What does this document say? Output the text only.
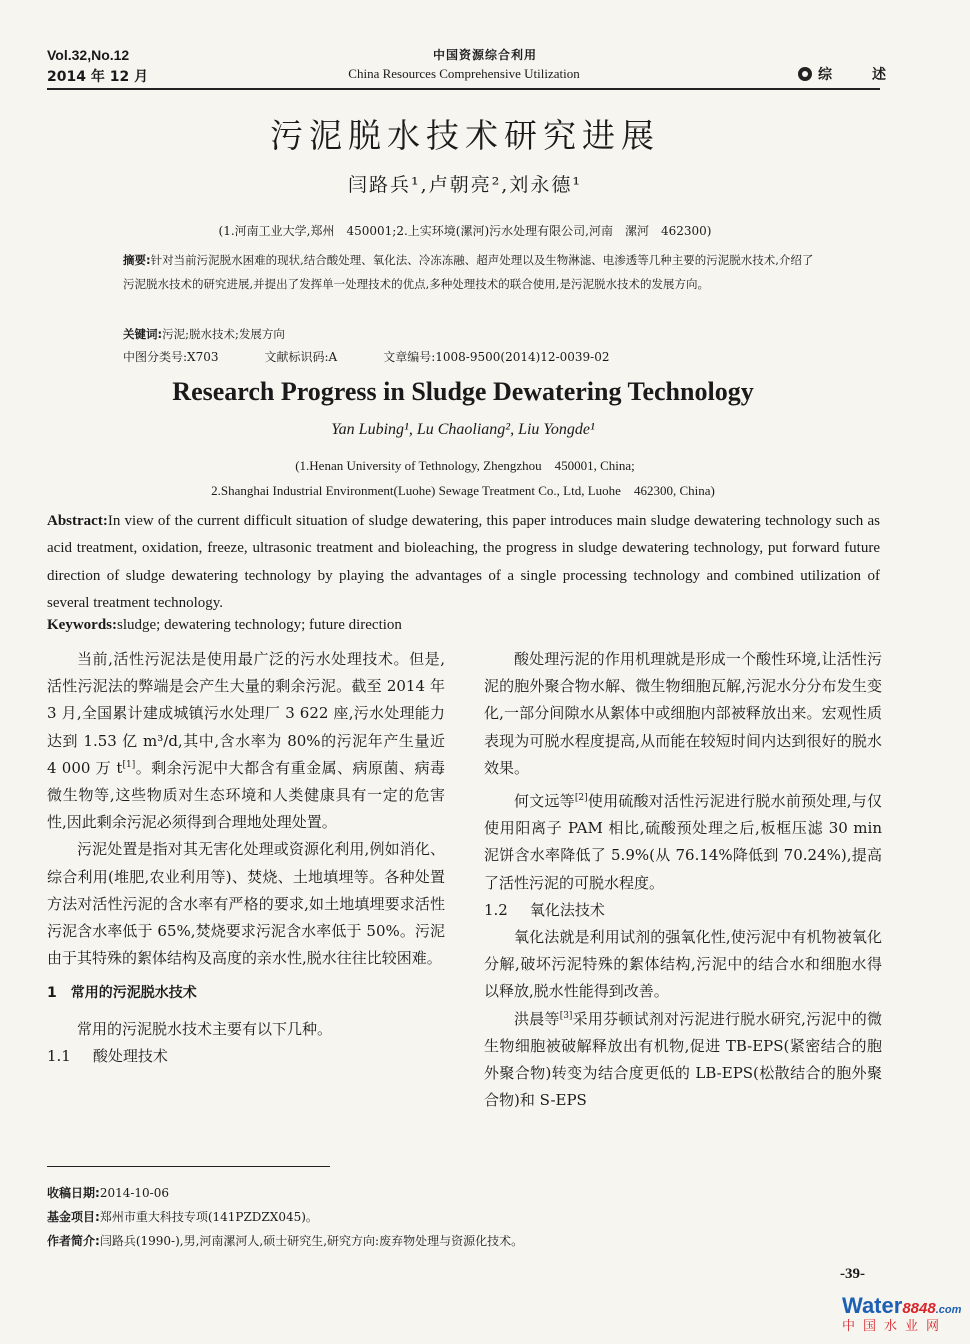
Vol.32,No.12
2014 年 12 月
中国资源综合利用
China Resources Comprehensive Utilization	综	述
污泥脱水技术研究进展
闫路兵¹,卢朝亮²,刘永德¹
(1.河南工业大学,郑州　450001;2.上实环境(漯河)污水处理有限公司,河南　漯河　462300)
摘要:针对当前污泥脱水困难的现状,结合酸处理、氧化法、冷冻冻融、超声处理以及生物淋滤、电渗透等几种主要的污泥脱水技术,介绍了污泥脱水技术的研究进展,并提出了发挥单一处理技术的优点,多种处理技术的联合使用,是污泥脱水技术的发展方向。
关键词:污泥;脱水技术;发展方向
中图分类号:X703	文献标识码:A	文章编号:1008-9500(2014)12-0039-02
Research Progress in Sludge Dewatering Technology
Yan Lubing¹, Lu Chaoliang², Liu Yongde¹
(1.Henan University of Tethnology, Zhengzhou　450001, China;
2.Shanghai Industrial Environment(Luohe) Sewage Treatment Co., Ltd, Luohe　462300, China)
Abstract:In view of the current difficult situation of sludge dewatering, this paper introduces main sludge dewatering technology such as acid treatment, oxidation, freeze, ultrasonic treatment and bioleaching, the progress in sludge dewatering technology, put forward future direction of sludge dewatering technology by playing the advantages of a single processing technology and combined utilization of several treatment technology.
Keywords:sludge; dewatering technology; future direction

当前,活性污泥法是使用最广泛的污水处理技术。但是,活性污泥法的弊端是会产生大量的剩余污泥。截至 2014 年 3 月,全国累计建成城镇污水处理厂 3 622 座,污水处理能力达到 1.53 亿 m³/d,其中,含水率为 80%的污泥年产生量近 4 000 万 t[1]。剩余污泥中大都含有重金属、病原菌、病毒微生物等,这些物质对生态环境和人类健康具有一定的危害性,因此剩余污泥必须得到合理地处理处置。

污泥处置是指对其无害化处理或资源化利用,例如消化、综合利用(堆肥,农业利用等)、焚烧、土地填埋等。各种处置方法对活性污泥的含水率有严格的要求,如土地填埋要求活性污泥含水率低于 65%,焚烧要求污泥含水率低于 50%。污泥由于其特殊的絮体结构及高度的亲水性,脱水往往比较困难。

1　常用的污泥脱水技术

常用的污泥脱水技术主要有以下几种。

1.1 酸处理技术

酸处理污泥的作用机理就是形成一个酸性环境,让活性污泥的胞外聚合物水解、微生物细胞瓦解,污泥水分分布发生变化,一部分间隙水从絮体中或细胞内部被释放出来。宏观性质表现为可脱水程度提高,从而能在较短时间内达到很好的脱水效果。

何文远等[2]使用硫酸对活性污泥进行脱水前预处理,与仅使用阳离子 PAM 相比,硫酸预处理之后,板框压滤 30 min 泥饼含水率降低了 5.9%(从 76.14%降低到 70.24%),提高了活性污泥的可脱水程度。

1.2 氧化法技术

氧化法就是利用试剂的强氧化性,使污泥中有机物被氧化分解,破坏污泥特殊的絮体结构,污泥中的结合水和细胞水得以释放,脱水性能得到改善。

洪晨等[3]采用芬顿试剂对污泥进行脱水研究,污泥中的微生物细胞被破解释放出有机物,促进 TB-EPS(紧密结合的胞外聚合物)转变为结合度更低的 LB-EPS(松散结合的胞外聚合物)和 S-EPS

收稿日期:2014-10-06
基金项目:郑州市重大科技专项(141PZDZX045)。
作者简介:闫路兵(1990-),男,河南漯河人,硕士研究生,研究方向:废弃物处理与资源化技术。
-39-
Water8848.com
中国水业网
